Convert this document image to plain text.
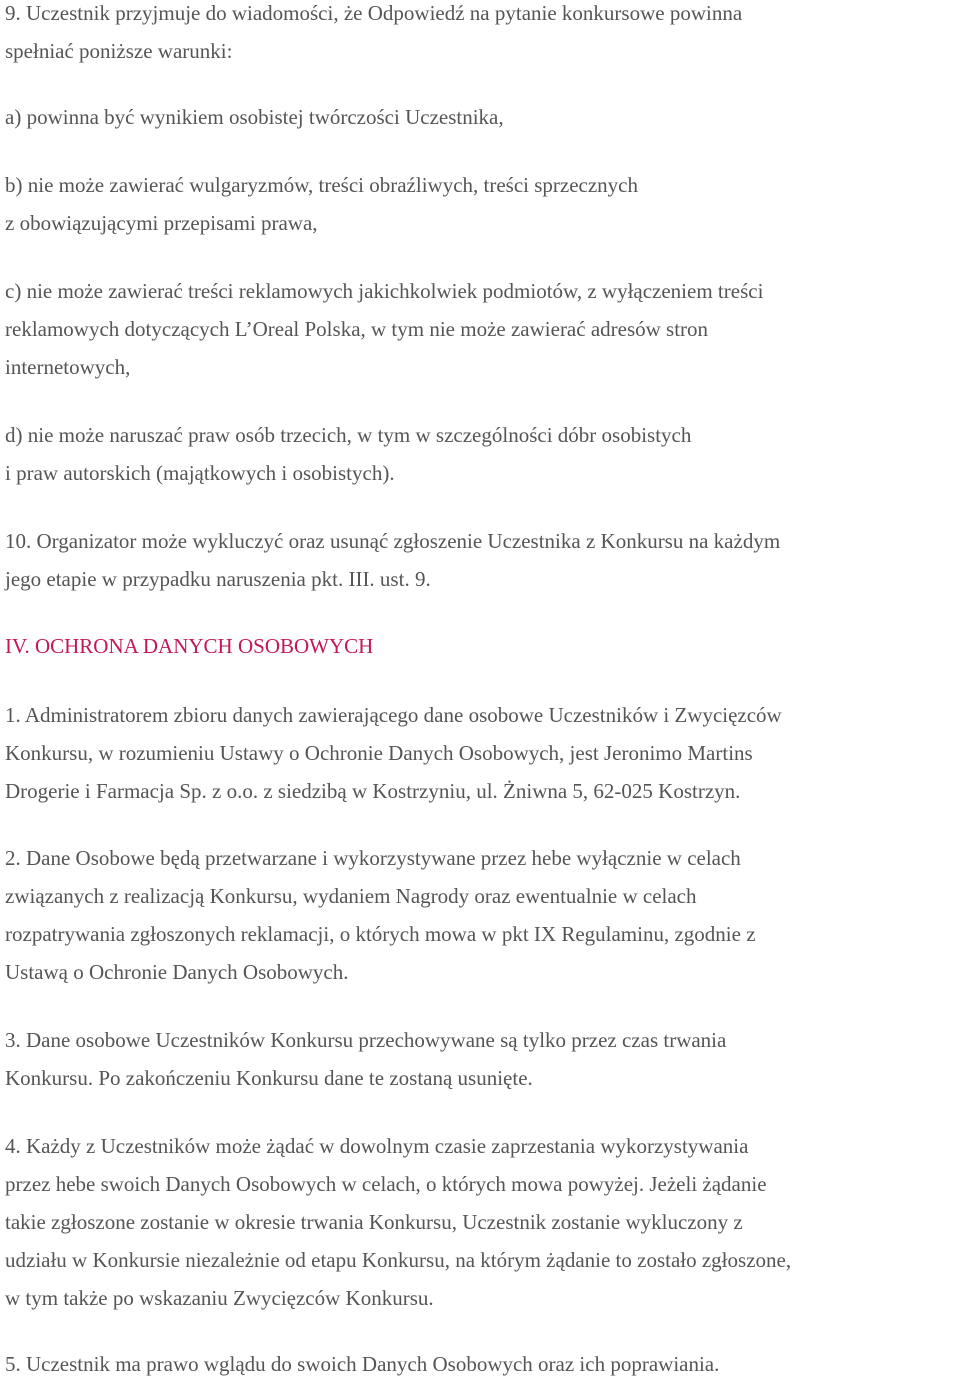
9. Uczestnik przyjmuje do wiadomości, że Odpowiedź na pytanie konkursowe powinna
spełniać poniższe warunki:

a) powinna być wynikiem osobistej twórczości Uczestnika,

b) nie może zawierać wulgaryzmów, treści obraźliwych, treści sprzecznych
z obowiązującymi przepisami prawa,

c) nie może zawierać treści reklamowych jakichkolwiek podmiotów, z wyłączeniem treści
reklamowych dotyczących L’Oreal Polska, w tym nie może zawierać adresów stron
internetowych,

d) nie może naruszać praw osób trzecich, w tym w szczególności dóbr osobistych
i praw autorskich (majątkowych i osobistych).

10. Organizator może wykluczyć oraz usunąć zgłoszenie Uczestnika z Konkursu na każdym
jego etapie w przypadku naruszenia pkt. III. ust. 9.

IV. OCHRONA DANYCH OSOBOWYCH

1. Administratorem zbioru danych zawierającego dane osobowe Uczestników i Zwycięzców
Konkursu, w rozumieniu Ustawy o Ochronie Danych Osobowych, jest Jeronimo Martins
Drogerie i Farmacja Sp. z o.o. z siedzibą w Kostrzyniu, ul. Żniwna 5, 62-025 Kostrzyn.

2. Dane Osobowe będą przetwarzane i wykorzystywane przez hebe wyłącznie w celach
związanych z realizacją Konkursu, wydaniem Nagrody oraz ewentualnie w celach
rozpatrywania zgłoszonych reklamacji, o których mowa w pkt IX Regulaminu, zgodnie z
Ustawą o Ochronie Danych Osobowych.

3. Dane osobowe Uczestników Konkursu przechowywane są tylko przez czas trwania
Konkursu. Po zakończeniu Konkursu dane te zostaną usunięte.

4. Każdy z Uczestników może żądać w dowolnym czasie zaprzestania wykorzystywania
przez hebe swoich Danych Osobowych w celach, o których mowa powyżej. Jeżeli żądanie
takie zgłoszone zostanie w okresie trwania Konkursu, Uczestnik zostanie wykluczony z
udziału w Konkursie niezależnie od etapu Konkursu, na którym żądanie to zostało zgłoszone,
w tym także po wskazaniu Zwycięzców Konkursu.

5. Uczestnik ma prawo wglądu do swoich Danych Osobowych oraz ich poprawiania.
